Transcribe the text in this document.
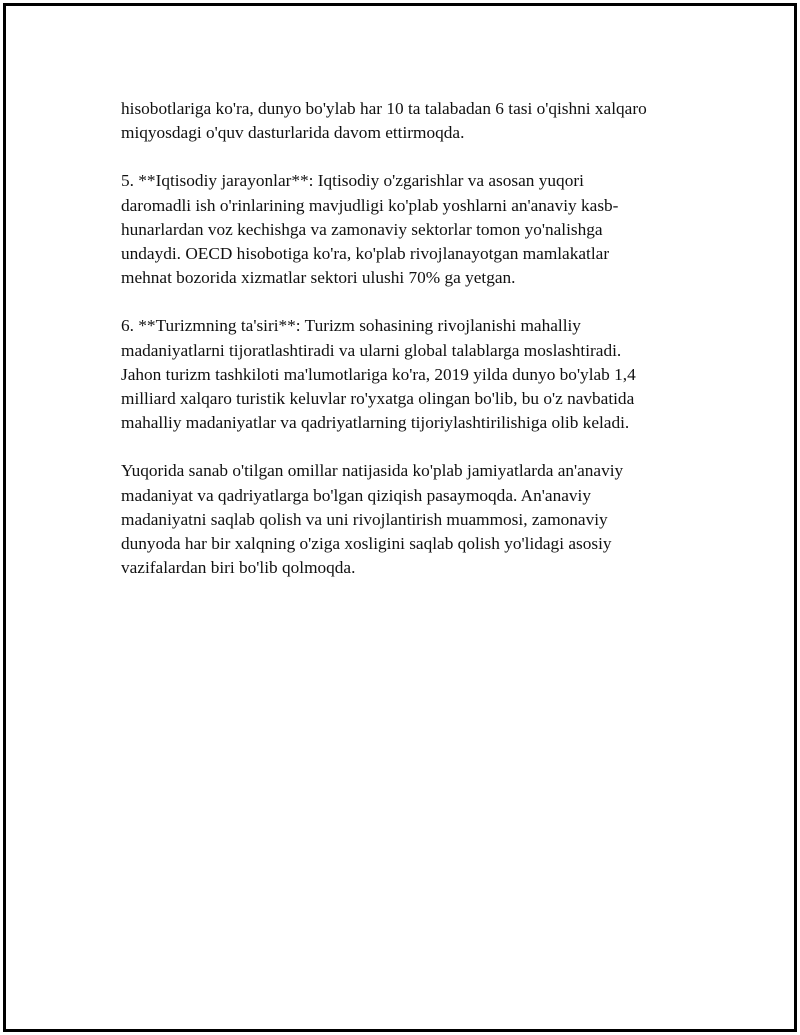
hisobotlariga ko'ra, dunyo bo'ylab har 10 ta talabadan 6 tasi o'qishni xalqaro
miqyosdagi o'quv dasturlarida davom ettirmoqda.

5. **Iqtisodiy jarayonlar**: Iqtisodiy o'zgarishlar va asosan yuqori
daromadli ish o'rinlarining mavjudligi ko'plab yoshlarni an'anaviy kasb-
hunarlardan voz kechishga va zamonaviy sektorlar tomon yo'nalishga
undaydi. OECD hisobotiga ko'ra, ko'plab rivojlanayotgan mamlakatlar
mehnat bozorida xizmatlar sektori ulushi 70% ga yetgan.

6. **Turizmning ta'siri**: Turizm sohasining rivojlanishi mahalliy
madaniyatlarni tijoratlashtiradi va ularni global talablarga moslashtiradi.
Jahon turizm tashkiloti ma'lumotlariga ko'ra, 2019 yilda dunyo bo'ylab 1,4
milliard xalqaro turistik keluvlar ro'yxatga olingan bo'lib, bu o'z navbatida
mahalliy madaniyatlar va qadriyatlarning tijoriylashtirilishiga olib keladi.

Yuqorida sanab o'tilgan omillar natijasida ko'plab jamiyatlarda an'anaviy
madaniyat va qadriyatlarga bo'lgan qiziqish pasaymoqda. An'anaviy
madaniyatni saqlab qolish va uni rivojlantirish muammosi, zamonaviy
dunyoda har bir xalqning o'ziga xosligini saqlab qolish yo'lidagi asosiy
vazifalardan biri bo'lib qolmoqda.
